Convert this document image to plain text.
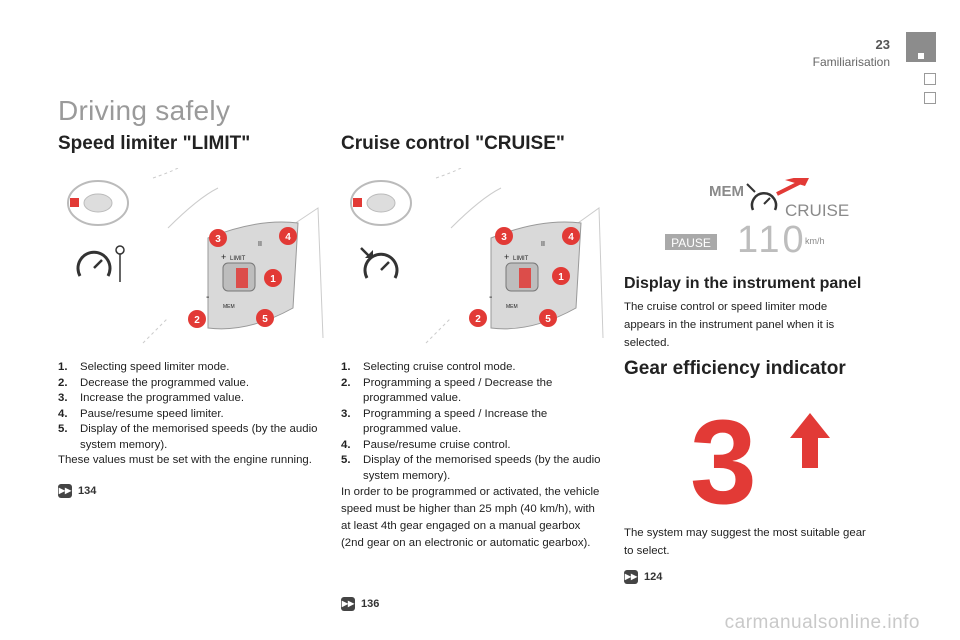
23
Familiarisation
Driving safely
Speed limiter "LIMIT"
LIMIT
MEM
II
+
-
3	4
1
2	5
1.	Selecting speed limiter mode.
2.	Decrease the programmed value.
3.	Increase the programmed value.
4.	Pause/resume speed limiter.
5.	Display of the memorised speeds (by the audio system memory).
These values must be set with the engine running.
▶▶ 134
Cruise control "CRUISE"
LIMIT
MEM
II
+
-
3	4
1
2	5
1.	Selecting cruise control mode.
2.	Programming a speed / Decrease the programmed value.
3.	Programming a speed / Increase the programmed value.
4.	Pause/resume cruise control.
5.	Display of the memorised speeds (by the audio system memory).
In order to be programmed or activated, the vehicle speed must be higher than 25 mph (40 km/h), with at least 4th gear engaged on a manual gearbox (2nd gear on an electronic or automatic gearbox).
▶▶ 136
MEM
CRUISE
PAUSE 110
km/h
Display in the instrument panel
The cruise control or speed limiter mode appears in the instrument panel when it is selected.
Gear efficiency indicator
3
The system may suggest the most suitable gear to select.
▶▶ 124
carmanualsonline.info
